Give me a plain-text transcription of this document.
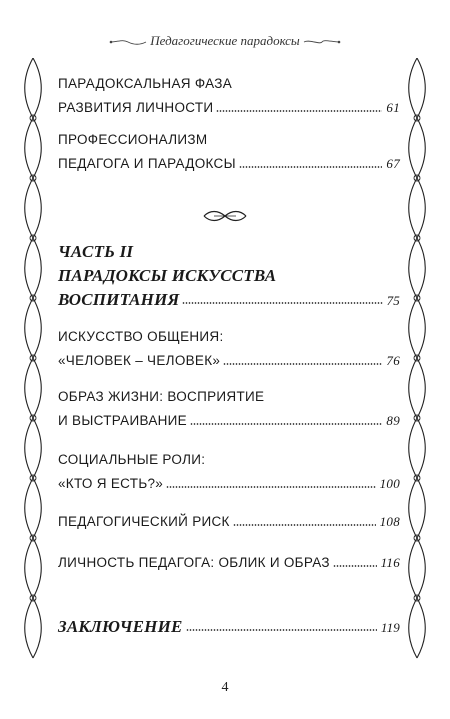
Педагогические парадоксы
ПАРАДОКСАЛЬНАЯ ФАЗА
РАЗВИТИЯ ЛИЧНОСТИ	61
ПРОФЕССИОНАЛИЗМ
ПЕДАГОГА И ПАРАДОКСЫ	67
ЧАСТЬ II
ПАРАДОКСЫ ИСКУССТВА
ВОСПИТАНИЯ	75
ИСКУССТВО ОБЩЕНИЯ:
«ЧЕЛОВЕК – ЧЕЛОВЕК»	76
ОБРАЗ ЖИЗНИ: ВОСПРИЯТИЕ
И ВЫСТРАИВАНИЕ	89
СОЦИАЛЬНЫЕ РОЛИ:
«КТО Я ЕСТЬ?»	100
ПЕДАГОГИЧЕСКИЙ РИСК	108
ЛИЧНОСТЬ ПЕДАГОГА: ОБЛИК И ОБРАЗ	116
ЗАКЛЮЧЕНИЕ	119
4
